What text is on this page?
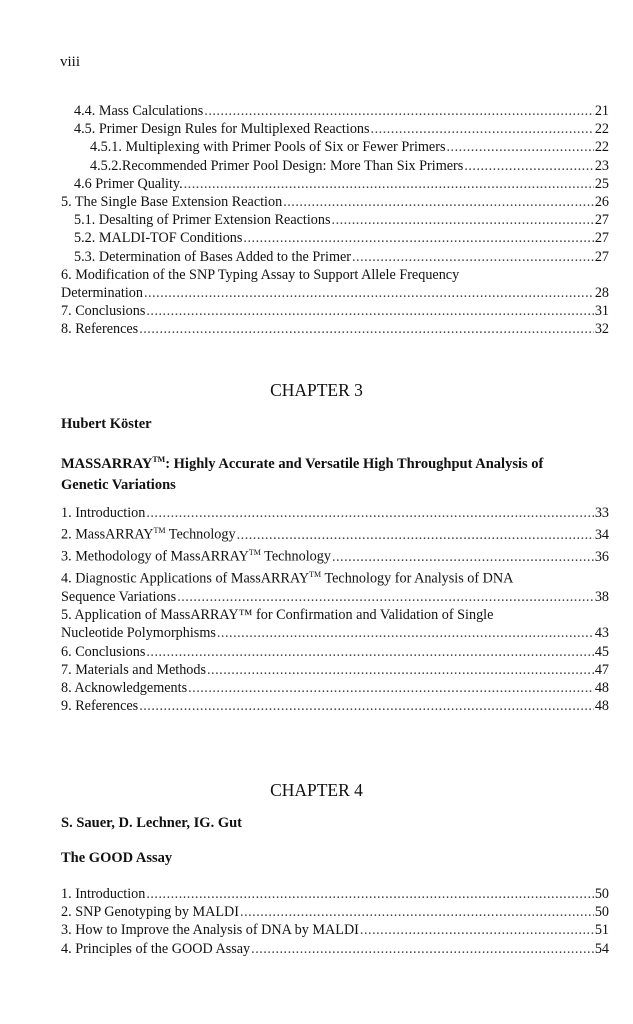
viii
4.4. Mass Calculations .....	21
4.5. Primer Design Rules for Multiplexed Reactions .....	22
4.5.1. Multiplexing with Primer Pools of Six or Fewer Primers .....	22
4.5.2.Recommended Primer Pool Design: More Than Six Primers .....	23
4.6 Primer Quality. .....	25
5. The Single Base Extension Reaction .....	26
5.1. Desalting of Primer Extension Reactions .....	27
5.2. MALDI-TOF Conditions .....	27
5.3. Determination of Bases Added to the Primer .....	27
6. Modification of the SNP Typing Assay to Support Allele Frequency
Determination .....	28
7. Conclusions .....	31
8. References .....	32
CHAPTER 3
Hubert Köster
MASSARRAY™: Highly Accurate and Versatile High Throughput Analysis of
Genetic Variations
1. Introduction .....	33
2. MassARRAY™ Technology .....	34
3. Methodology of MassARRAY™ Technology .....	36
4. Diagnostic Applications of MassARRAY™ Technology for Analysis of DNA
Sequence Variations .....	38
5. Application of MassARRAY™ for Confirmation and Validation of Single
Nucleotide Polymorphisms .....	43
6. Conclusions .....	45
7. Materials and Methods .....	47
8. Acknowledgements .....	48
9. References .....	48
CHAPTER 4
S. Sauer, D. Lechner, IG. Gut
The GOOD Assay
1. Introduction .....	50
2. SNP Genotyping by MALDI .....	50
3. How to Improve the Analysis of DNA by MALDI .....	51
4. Principles of the GOOD Assay .....	54
